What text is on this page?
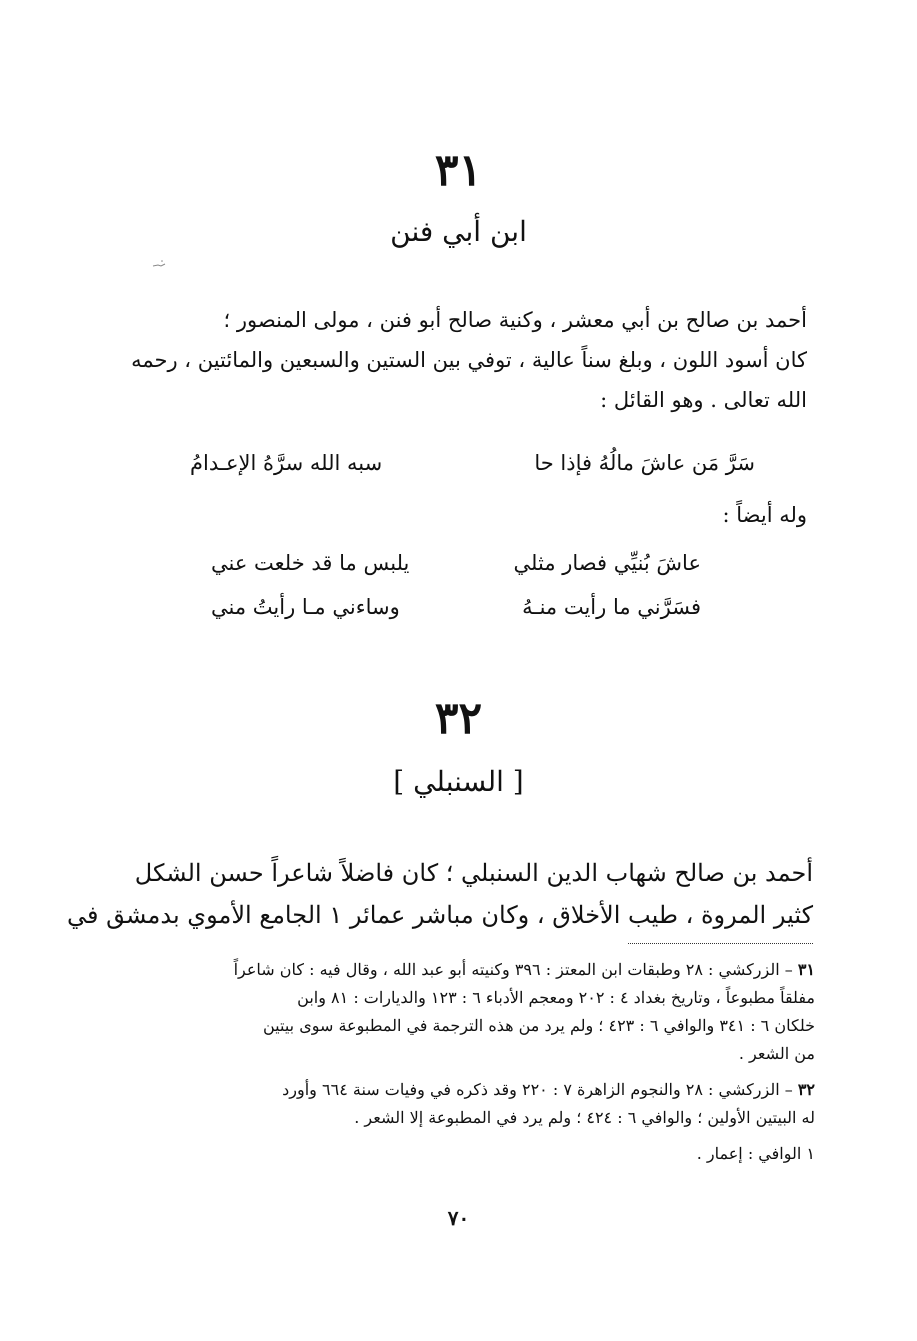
٣١
ابن أبي فنن
أحمد بن صالح بن أبي معشر ، وكنية صالح أبو فنن ، مولى المنصور ؛
كان أسود اللون ، وبلغ سناً عالية ، توفي بين الستين والسبعين والمائتين ، رحمه
الله تعالى . وهو القائل :
سَرَّ مَن عاشَ مالُهُ فإذا حا
سبه الله سرَّهُ الإعـدامُ
وله أيضاً :
عاشَ بُنيِّي فصار مثلي
يلبس ما قد خلعت عني
فسَرَّني ما رأيت منـهُ
وساءني مـا رأيتُ مني
٣٢
[ السنبلي ]
أحمد بن صالح شهاب الدين السنبلي ؛ كان فاضلاً شاعراً حسن الشكل
كثير المروة ، طيب الأخلاق ، وكان مباشر عمائر ١ الجامع الأموي بدمشق في
٣١ – الزركشي : ٢٨ وطبقات ابن المعتز : ٣٩٦ وكنيته أبو عبد الله ، وقال فيه : كان شاعراً
مفلقاً مطبوعاً ، وتاريخ بغداد ٤ : ٢٠٢ ومعجم الأدباء ٦ : ١٢٣ والديارات : ٨١ وابن
خلكان ٦ : ٣٤١ والوافي ٦ : ٤٢٣ ؛ ولم يرد من هذه الترجمة في المطبوعة سوى بيتين
من الشعر .
٣٢ – الزركشي : ٢٨ والنجوم الزاهرة ٧ : ٢٢٠ وقد ذكره في وفيات سنة ٦٦٤ وأورد
له البيتين الأولين ؛ والوافي ٦ : ٤٢٤ ؛ ولم يرد في المطبوعة إلا الشعر .
١ الوافي : إعمار .
٧٠
